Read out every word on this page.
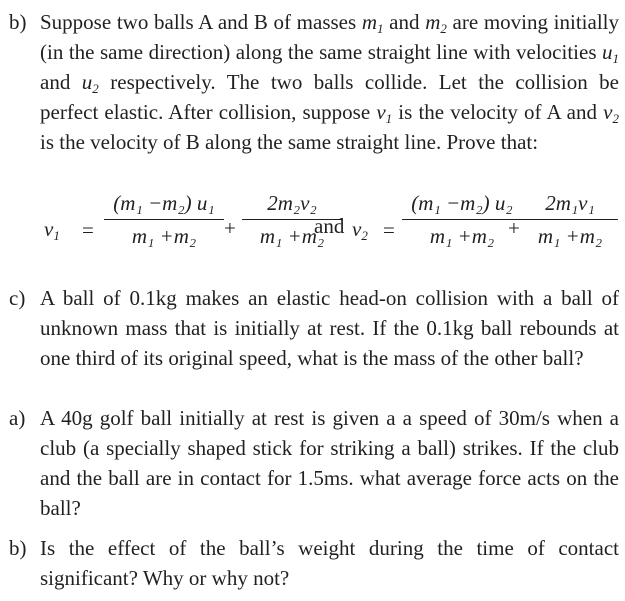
b) Suppose two balls A and B of masses $m_1$ and $m_2$ are moving initially (in the same direction) along the same straight line with velocities $u_1$ and $u_2$ respectively. The two balls collide. Let the collision be perfect elastic. After collision, suppose $v_1$ is the velocity of A and $v_2$ is the velocity of B along the same straight line. Prove that:
$v_1$ =
(m₁ −m₂) u₁
m₁ +m₂ +
2m₂v₂
m₁ +m₂
and $v_2$ =
(m₁ −m₂) u₂
m₁ +m₂ +
2m₁v₁
m₁ +m₂
c) A ball of 0.1kg makes an elastic head-on collision with a ball of unknown mass that is initially at rest. If the 0.1kg ball rebounds at one third of its original speed, what is the mass of the other ball?
a) A 40g golf ball initially at rest is given a a speed of 30m/s when a club (a specially shaped stick for striking a ball) strikes. If the club and the ball are in contact for 1.5ms. what average force acts on the ball?
b) Is the effect of the ball’s weight during the time of contact significant? Why or why not?
